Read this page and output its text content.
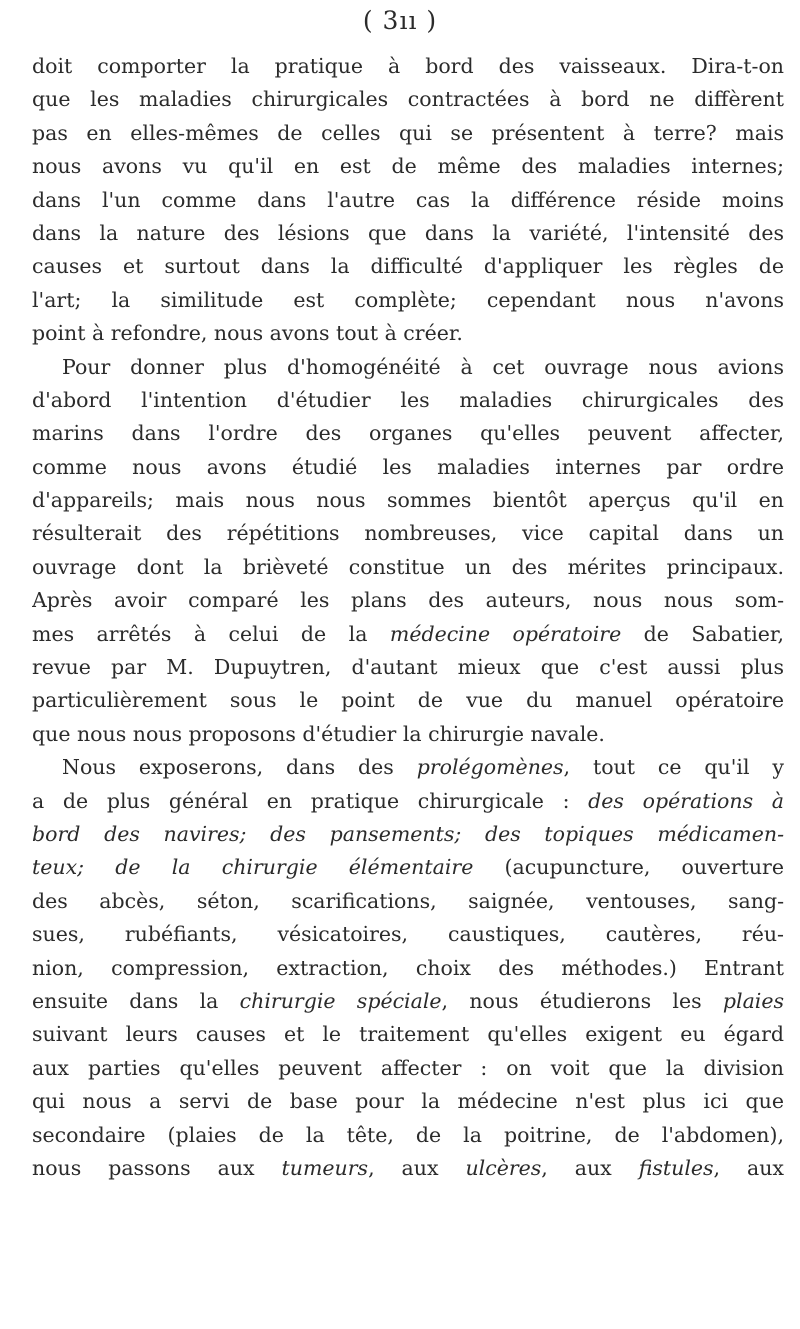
( 3ıı )
doit comporter la pratique à bord des vaisseaux. Dira-t-on
que les maladies chirurgicales contractées à bord ne diffèrent
pas en elles-mêmes de celles qui se présentent à terre? mais
nous avons vu qu'il en est de même des maladies internes;
dans l'un comme dans l'autre cas la différence réside moins
dans la nature des lésions que dans la variété, l'intensité des
causes et surtout dans la difficulté d'appliquer les règles de
l'art; la similitude est complète; cependant nous n'avons
point à refondre, nous avons tout à créer.
Pour donner plus d'homogénéité à cet ouvrage nous avions
d'abord l'intention d'étudier les maladies chirurgicales des
marins dans l'ordre des organes qu'elles peuvent affecter,
comme nous avons étudié les maladies internes par ordre
d'appareils; mais nous nous sommes bientôt aperçus qu'il en
résulterait des répétitions nombreuses, vice capital dans un
ouvrage dont la brièveté constitue un des mérites principaux.
Après avoir comparé les plans des auteurs, nous nous som-
mes arrêtés à celui de la médecine opératoire de Sabatier,
revue par M. Dupuytren, d'autant mieux que c'est aussi plus
particulièrement sous le point de vue du manuel opératoire
que nous nous proposons d'étudier la chirurgie navale.
Nous exposerons, dans des prolégomènes, tout ce qu'il y
a de plus général en pratique chirurgicale : des opérations à
bord des navires; des pansements; des topiques médicamen-
teux; de la chirurgie élémentaire (acupuncture, ouverture
des abcès, séton, scarifications, saignée, ventouses, sang-
sues, rubéfiants, vésicatoires, caustiques, cautères, réu-
nion, compression, extraction, choix des méthodes.) Entrant
ensuite dans la chirurgie spéciale, nous étudierons les plaies
suivant leurs causes et le traitement qu'elles exigent eu égard
aux parties qu'elles peuvent affecter : on voit que la division
qui nous a servi de base pour la médecine n'est plus ici que
secondaire (plaies de la tête, de la poitrine, de l'abdomen),
nous passons aux tumeurs, aux ulcères, aux fistules, aux
